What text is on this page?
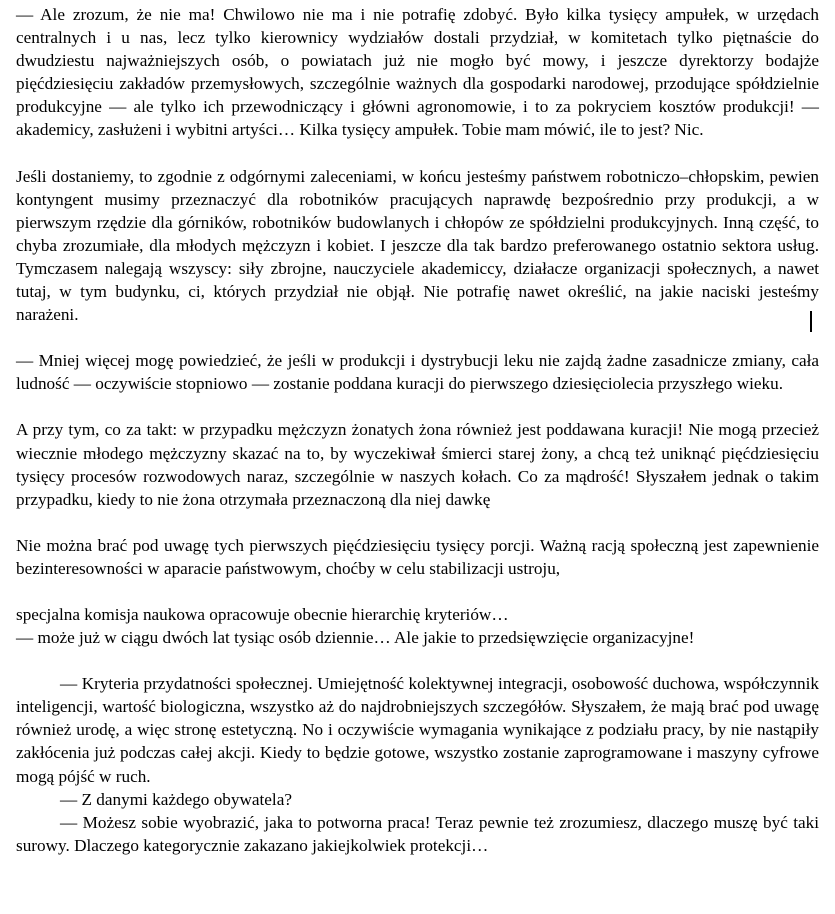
— Ale zrozum, że nie ma! Chwilowo nie ma i nie potrafię zdobyć. Było kilka tysięcy ampułek, w urzędach centralnych i u nas, lecz tylko kierownicy wydziałów dostali przydział, w komitetach tylko piętnaście do dwudziestu najważniejszych osób, o powiatach już nie mogło być mowy, i jeszcze dyrektorzy bodajże pięćdziesięciu zakładów przemysłowych, szczególnie ważnych dla gospodarki narodowej, przodujące spółdzielnie produkcyjne — ale tylko ich przewodniczący i główni agronomowie, i to za pokryciem kosztów produkcji! — akademicy, zasłużeni i wybitni artyści… Kilka tysięcy ampułek. Tobie mam mówić, ile to jest? Nic.

Jeśli dostaniemy, to zgodnie z odgórnymi zaleceniami, w końcu jesteśmy państwem robotniczo–chłopskim, pewien kontyngent musimy przeznaczyć dla robotników pracujących naprawdę bezpośrednio przy produkcji, a w pierwszym rzędzie dla górników, robotników budowlanych i chłopów ze spółdzielni produkcyjnych. Inną część, to chyba zrozumiałe, dla młodych mężczyzn i kobiet. I jeszcze dla tak bardzo preferowanego ostatnio sektora usług. Tymczasem nalegają wszyscy: siły zbrojne, nauczyciele akademiccy, działacze organizacji społecznych, a nawet tutaj, w tym budynku, ci, których przydział nie objął. Nie potrafię nawet określić, na jakie naciski jesteśmy narażeni.

— Mniej więcej mogę powiedzieć, że jeśli w produkcji i dystrybucji leku nie zajdą żadne zasadnicze zmiany, cała ludność — oczywiście stopniowo — zostanie poddana kuracji do pierwszego dziesięciolecia przyszłego wieku.

A przy tym, co za takt: w przypadku mężczyzn żonatych żona również jest poddawana kuracji! Nie mogą przecież wiecznie młodego mężczyzny skazać na to, by wyczekiwał śmierci starej żony, a chcą też uniknąć pięćdziesięciu tysięcy procesów rozwodowych naraz, szczególnie w naszych kołach. Co za mądrość! Słyszałem jednak o takim przypadku, kiedy to nie żona otrzymała przeznaczoną dla niej dawkę

Nie można brać pod uwagę tych pierwszych pięćdziesięciu tysięcy porcji. Ważną racją społeczną jest zapewnienie bezinteresowności w aparacie państwowym, choćby w celu stabilizacji ustroju,

specjalna komisja naukowa opracowuje obecnie hierarchię kryteriów…

— może już w ciągu dwóch lat tysiąc osób dziennie… Ale jakie to przedsięwzięcie organizacyjne!

— Kryteria przydatności społecznej. Umiejętność kolektywnej integracji, osobowość duchowa, współczynnik inteligencji, wartość biologiczna, wszystko aż do najdrobniejszych szczegółów. Słyszałem, że mają brać pod uwagę również urodę, a więc stronę estetyczną. No i oczywiście wymagania wynikające z podziału pracy, by nie nastąpiły zakłócenia już podczas całej akcji. Kiedy to będzie gotowe, wszystko zostanie zaprogramowane i maszyny cyfrowe mogą pójść w ruch.

— Z danymi każdego obywatela?

— Możesz sobie wyobrazić, jaka to potworna praca! Teraz pewnie też zrozumiesz, dlaczego muszę być taki surowy. Dlaczego kategorycznie zakazano jakiejkolwiek protekcji…
